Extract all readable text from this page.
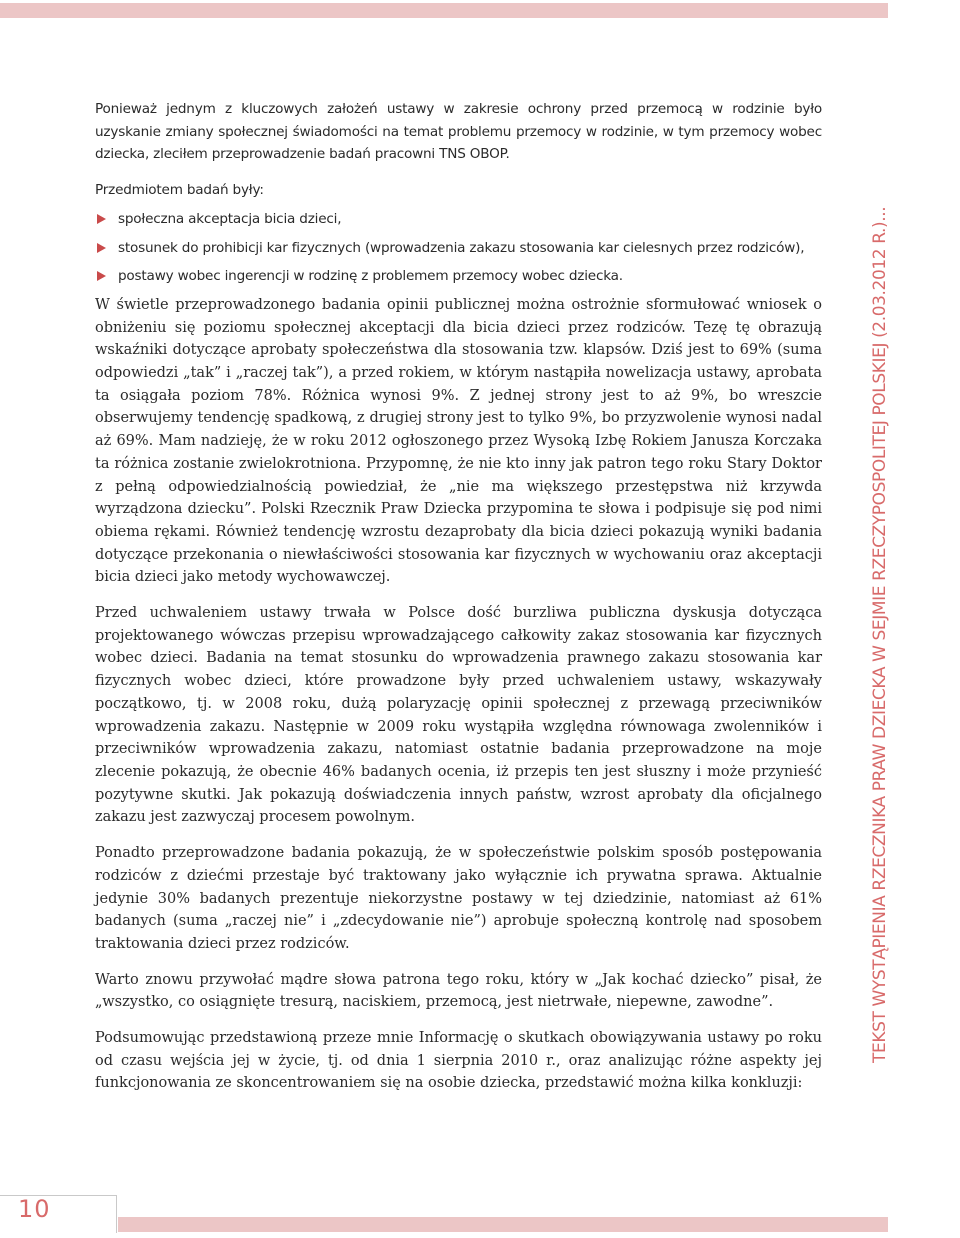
TEKST WYSTĄPIENIA RZECZNIKA PRAW DZIECKA W SEJMIE RZECZYPOSPOLITEJ POLSKIEJ (2.03.2012 R.)...

Ponieważ jednym z kluczowych założeń ustawy w zakresie ochrony przed przemocą w rodzinie było uzyskanie zmiany społecznej świadomości na temat problemu przemocy w rodzinie, w tym przemocy wobec dziecka, zleciłem przeprowadzenie badań pracowni TNS OBOP.

Przedmiotem badań były:

społeczna akceptacja bicia dzieci,
stosunek do prohibicji kar fizycznych (wprowadzenia zakazu stosowania kar cielesnych przez rodziców),
postawy wobec ingerencji w rodzinę z problemem przemocy wobec dziecka.

W świetle przeprowadzonego badania opinii publicznej można ostrożnie sformułować wniosek o obniżeniu się poziomu społecznej akceptacji dla bicia dzieci przez rodziców. Tezę tę obrazują wskaźniki dotyczące aprobaty społeczeństwa dla stosowania tzw. klapsów. Dziś jest to 69% (suma odpowiedzi „tak” i „raczej tak”), a przed rokiem, w którym nastąpiła nowelizacja ustawy, aprobata ta osiągała poziom 78%. Różnica wynosi 9%. Z jednej strony jest to aż 9%, bo wreszcie obserwujemy tendencję spadkową, z drugiej strony jest to tylko 9%, bo przyzwolenie wynosi nadal aż 69%. Mam nadzieję, że w roku 2012 ogłoszonego przez Wysoką Izbę Rokiem Janusza Korczaka ta różnica zostanie zwielokrotniona. Przypomnę, że nie kto inny jak patron tego roku Stary Doktor z pełną odpowiedzialnością powiedział, że „nie ma większego przestępstwa niż krzywda wyrządzona dziecku”. Polski Rzecznik Praw Dziecka przypomina te słowa i podpisuje się pod nimi obiema rękami. Również tendencję wzrostu dezaprobaty dla bicia dzieci pokazują wyniki badania dotyczące przekonania o niewłaściwości stosowania kar fizycznych w wychowaniu oraz akceptacji bicia dzieci jako metody wychowawczej.

Przed uchwaleniem ustawy trwała w Polsce dość burzliwa publiczna dyskusja dotycząca projektowanego wówczas przepisu wprowadzającego całkowity zakaz stosowania kar fizycznych wobec dzieci. Badania na temat stosunku do wprowadzenia prawnego zakazu stosowania kar fizycznych wobec dzieci, które prowadzone były przed uchwaleniem ustawy, wskazywały początkowo, tj. w 2008 roku, dużą polaryzację opinii społecznej z przewagą przeciwników wprowadzenia zakazu. Następnie w 2009 roku wystąpiła względna równowaga zwolenników i przeciwników wprowadzenia zakazu, natomiast ostatnie badania przeprowadzone na moje zlecenie pokazują, że obecnie 46% badanych ocenia, iż przepis ten jest słuszny i może przynieść pozytywne skutki. Jak pokazują doświadczenia innych państw, wzrost aprobaty dla oficjalnego zakazu jest zazwyczaj procesem powolnym.

Ponadto przeprowadzone badania pokazują, że w społeczeństwie polskim sposób postępowania rodziców z dziećmi przestaje być traktowany jako wyłącznie ich prywatna sprawa. Aktualnie jedynie 30% badanych prezentuje niekorzystne postawy w tej dziedzinie, natomiast aż 61% badanych (suma „raczej nie” i „zdecydowanie nie”) aprobuje społeczną kontrolę nad sposobem traktowania dzieci przez rodziców.

Warto znowu przywołać mądre słowa patrona tego roku, który w „Jak kochać dziecko” pisał, że „wszystko, co osiągnięte tresurą, naciskiem, przemocą, jest nietrwałe, niepewne, zawodne”.

Podsumowując przedstawioną przeze mnie Informację o skutkach obowiązywania ustawy po roku od czasu wejścia jej w życie, tj. od dnia 1 sierpnia 2010 r., oraz analizując różne aspekty jej funkcjonowania ze skoncentrowaniem się na osobie dziecka, przedstawić można kilka konkluzji:

10
